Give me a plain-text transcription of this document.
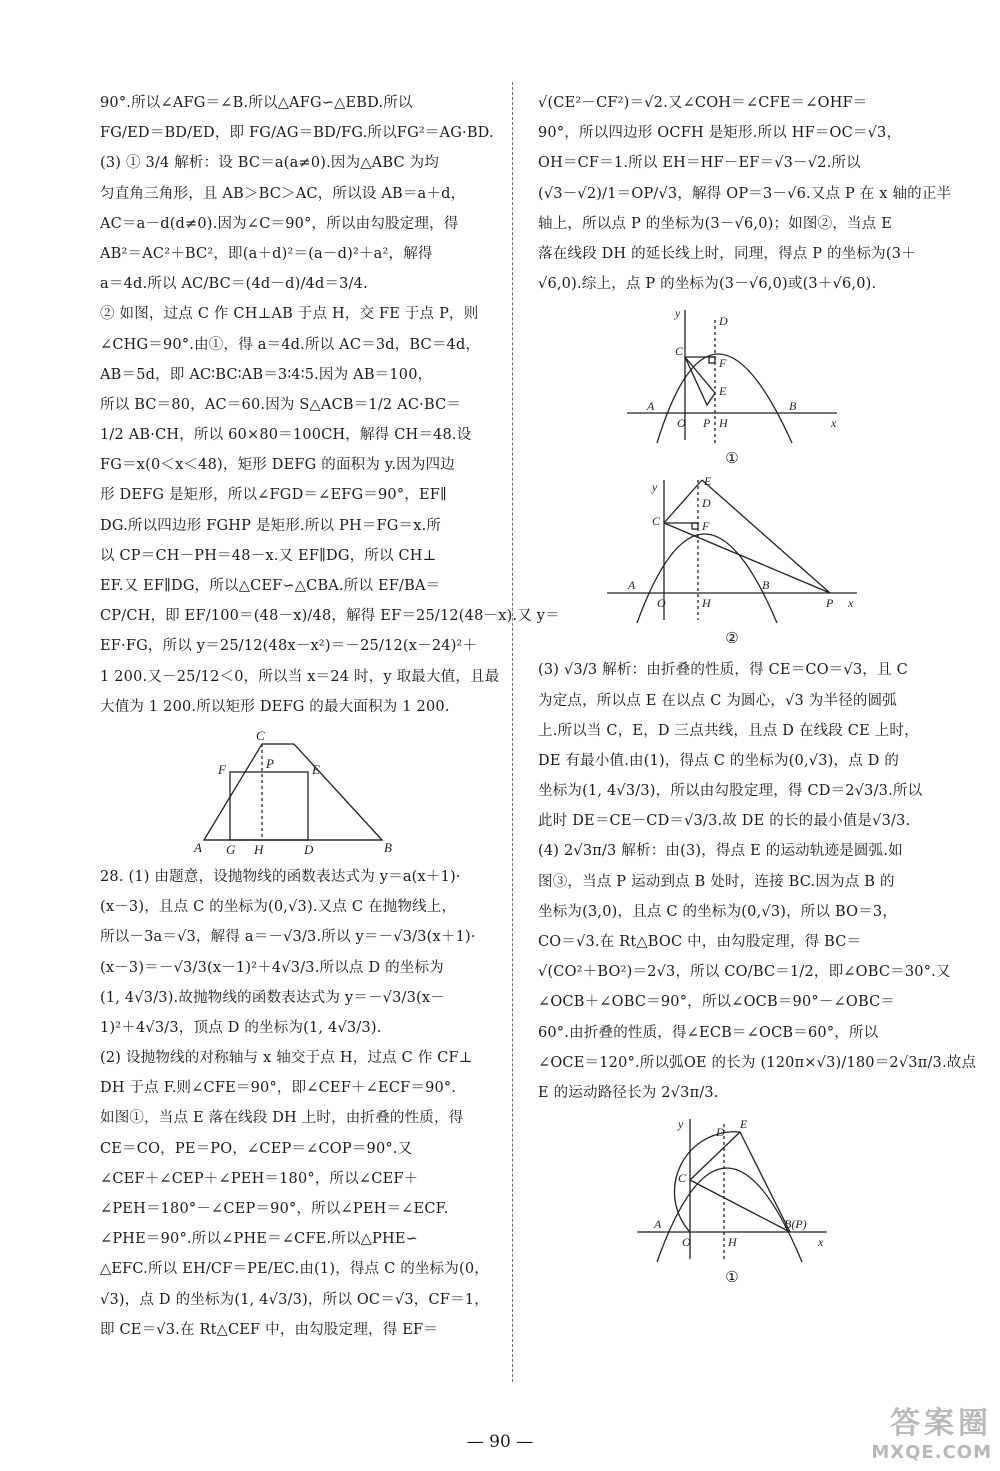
90°.所以∠AFG＝∠B.所以△AFG∽△EBD.所以
FG/ED＝BD/ED，即 FG/AG＝BD/FG.所以FG²＝AG·BD.
(3) ① 3/4 解析：设 BC＝a(a≠0).因为△ABC 为均
匀直角三角形，且 AB＞BC＞AC，所以设 AB＝a＋d，
AC＝a－d(d≠0).因为∠C＝90°，所以由勾股定理，得
AB²＝AC²＋BC²，即(a＋d)²＝(a－d)²＋a²，解得
a＝4d.所以 AC/BC＝(4d－d)/4d＝3/4.
② 如图，过点 C 作 CH⊥AB 于点 H，交 FE 于点 P，则
∠CHG＝90°.由①，得 a＝4d.所以 AC＝3d，BC＝4d，
AB＝5d，即 AC∶BC∶AB＝3∶4∶5.因为 AB＝100，
所以 BC＝80，AC＝60.因为 S△ACB＝1/2 AC·BC＝
1/2 AB·CH，所以 60×80＝100CH，解得 CH＝48.设
FG＝x(0＜x＜48)，矩形 DEFG 的面积为 y.因为四边
形 DEFG 是矩形，所以∠FGD＝∠EFG＝90°，EF∥
DG.所以四边形 FGHP 是矩形.所以 PH＝FG＝x.所
以 CP＝CH－PH＝48－x.又 EF∥DG，所以 CH⊥
EF.又 EF∥DG，所以△CEF∽△CBA.所以 EF/BA＝
CP/CH，即 EF/100＝(48－x)/48，解得 EF＝25/12(48－x).又 y＝
EF·FG，所以 y＝25/12(48x－x²)＝－25/12(x－24)²＋
1 200.又－25/12＜0，所以当 x＝24 时，y 取最大值，且最
大值为 1 200.所以矩形 DEFG 的最大面积为 1 200.
C
F	P	E
A G H	D	B
28. (1) 由题意，设抛物线的函数表达式为 y＝a(x＋1)·
(x－3)，且点 C 的坐标为(0,√3).又点 C 在抛物线上，
所以－3a＝√3，解得 a＝－√3/3.所以 y＝－√3/3(x＋1)·
(x－3)＝－√3/3(x－1)²＋4√3/3.所以点 D 的坐标为
(1, 4√3/3).故抛物线的函数表达式为 y＝－√3/3(x－
1)²＋4√3/3，顶点 D 的坐标为(1, 4√3/3).
(2) 设抛物线的对称轴与 x 轴交于点 H，过点 C 作 CF⊥
DH 于点 F.则∠CFE＝90°，即∠CEF＋∠ECF＝90°.
如图①，当点 E 落在线段 DH 上时，由折叠的性质，得
CE＝CO，PE＝PO，∠CEP＝∠COP＝90°.又
∠CEF＋∠CEP＋∠PEH＝180°，所以∠CEF＋
∠PEH＝180°－∠CEP＝90°，所以∠PEH＝∠ECF.
∠PHE＝90°.所以∠PHE＝∠CFE.所以△PHE∽
△EFC.所以 EH/CF＝PE/EC.由(1)，得点 C 的坐标为(0，
√3)，点 D 的坐标为(1, 4√3/3)，所以 OC＝√3，CF＝1，
即 CE＝√3.在 Rt△CEF 中，由勾股定理，得 EF＝
√(CE²－CF²)＝√2.又∠COH＝∠CFE＝∠OHF＝
90°，所以四边形 OCFH 是矩形.所以 HF＝OC＝√3，
OH＝CF＝1.所以 EH＝HF－EF＝√3－√2.所以
(√3－√2)/1＝OP/√3，解得 OP＝3－√6.又点 P 在 x 轴的正半
轴上，所以点 P 的坐标为(3－√6,0)；如图②，当点 E
落在线段 DH 的延长线上时，同理，得点 P 的坐标为(3＋
√6,0).综上，点 P 的坐标为(3－√6,0)或(3＋√6,0).
y
D
C
F
E
A
O P H
B
x
①
y	E
D
C	F
A
O	H
B
P x
②
(3) √3/3 解析：由折叠的性质，得 CE＝CO＝√3，且 C
为定点，所以点 E 在以点 C 为圆心，√3 为半径的圆弧
上.所以当 C，E，D 三点共线，且点 D 在线段 CE 上时，
DE 有最小值.由(1)，得点 C 的坐标为(0,√3)，点 D 的
坐标为(1, 4√3/3)，所以由勾股定理，得 CD＝2√3/3.所以
此时 DE＝CE－CD＝√3/3.故 DE 的长的最小值是√3/3.
(4) 2√3π/3 解析：由(3)，得点 E 的运动轨迹是圆弧.如
图③，当点 P 运动到点 B 处时，连接 BC.因为点 B 的
坐标为(3,0)，且点 C 的坐标为(0,√3)，所以 BO＝3，
CO＝√3.在 Rt△BOC 中，由勾股定理，得 BC＝
√(CO²＋BO²)＝2√3，所以 CO/BC＝1/2，即∠OBC＝30°.又
∠OCB＋∠OBC＝90°，所以∠OCB＝90°－∠OBC＝
60°.由折叠的性质，得∠ECB＝∠OCB＝60°，所以
∠OCE＝120°.所以弧OE 的长为 (120π×√3)/180＝2√3π/3.故点
E 的运动路径长为 2√3π/3.
y
D
E
C
A
O	H
B(P)
x
①
— 90 —
答案圈
MXQE.COM
